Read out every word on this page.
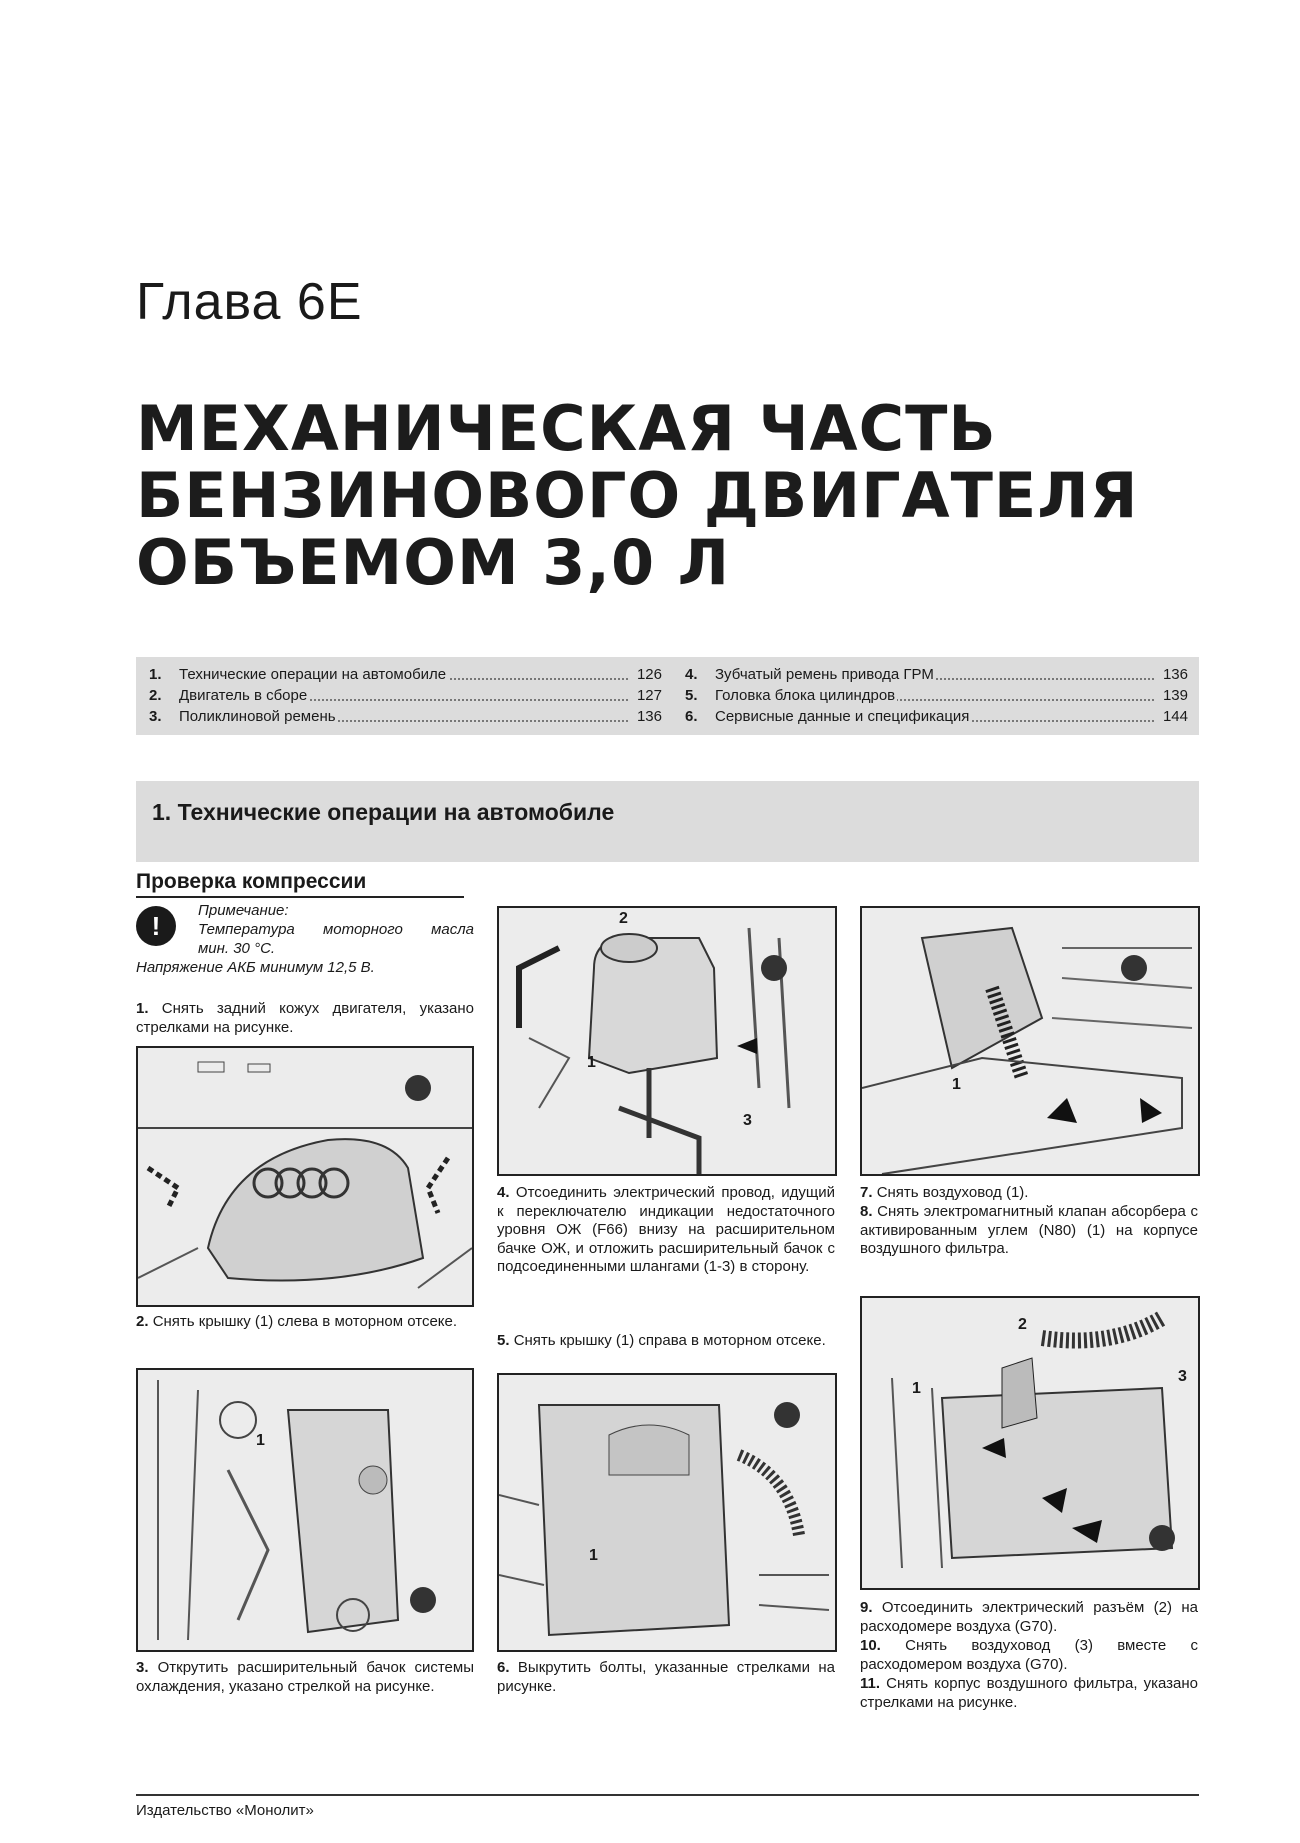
Глава 6E
МЕХАНИЧЕСКАЯ ЧАСТЬ
БЕНЗИНОВОГО ДВИГАТЕЛЯ
ОБЪЕМОМ 3,0 Л
1. Технические операции на автомобиле	126
2. Двигатель в сборе	127
3. Поликлиновой ремень	136
4. Зубчатый ремень привода ГРМ	136
5. Головка блока цилиндров	139
6. Сервисные данные и спецификация	144
1. Технические операции на автомобиле
Проверка компрессии
!
Примечание:
Температура моторного масла
мин. 30 °С.
Напряжение АКБ минимум 12,5 В.
1. Снять задний кожух двигателя, указано стрелками на рисунке.
2. Снять крышку (1) слева в моторном отсеке.
1
3. Открутить расширительный бачок системы охлаждения, указано стрелкой на рисунке.
2
1
3
4. Отсоединить электрический провод, идущий к переключателю индикации недостаточного уровня ОЖ (F66) внизу на расширительном бачке ОЖ, и отложить расширительный бачок с подсоединенными шлангами (1-3) в сторону.
5. Снять крышку (1) справа в моторном отсеке.
1
6. Выкрутить болты, указанные стрелками на рисунке.
1
7. Снять воздуховод (1).
8. Снять электромагнитный клапан абсорбера с активированным углем (N80) (1) на корпусе воздушного фильтра.
1
2
3
9. Отсоединить электрический разъём (2) на расходомере воздуха (G70).
10. Снять воздуховод (3) вместе с расходомером воздуха (G70).
11. Снять корпус воздушного фильтра, указано стрелками на рисунке.
Издательство «Монолит»
